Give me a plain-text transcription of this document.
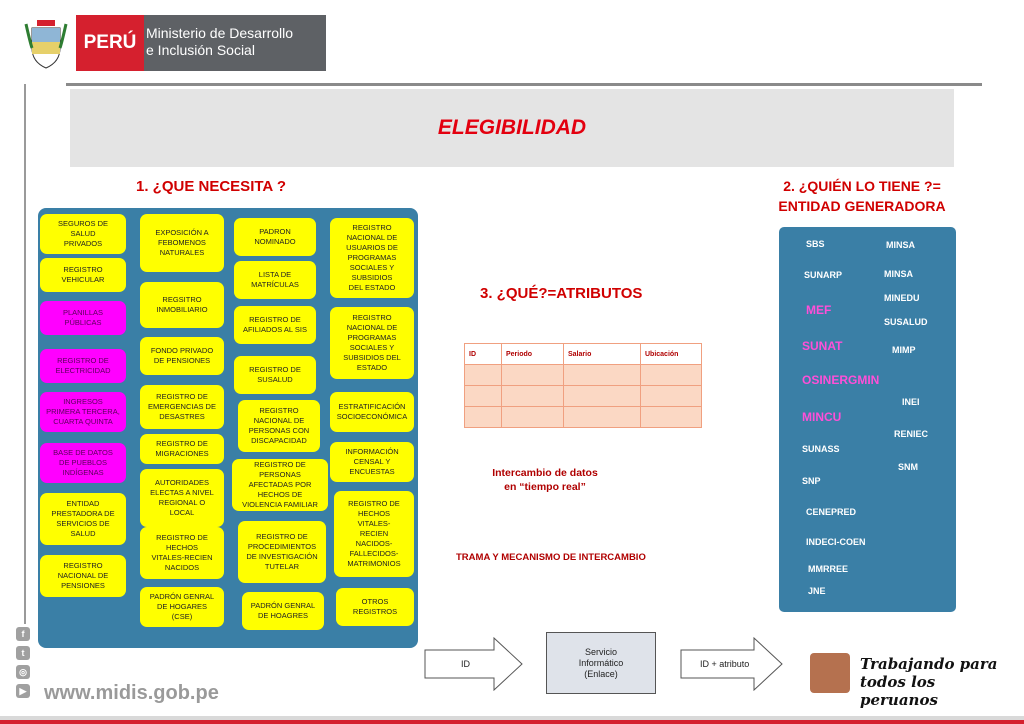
PERÚ Ministerio de Desarrollo
e Inclusión Social
ELEGIBILIDAD
1. ¿QUE NECESITA ?	2. ¿QUIÉN LO TIENE ?= ENTIDAD GENERADORA
3. ¿QUÉ?=ATRIBUTOS
SEGUROS DE
SALUD
PRIVADOS
REGISTRO
VEHICULAR
PLANILLAS
PÚBLICAS
REGISTRO DE
ELECTRICIDAD
INGRESOS
PRIMERA TERCERA,
CUARTA QUINTA
BASE DE DATOS
DE PUEBLOS
INDÍGENAS
ENTIDAD
PRESTADORA DE
SERVICIOS DE
SALUD
REGISTRO
NACIONAL DE
PENSIONES
EXPOSICIÓN A
FEBOMENOS
NATURALES
REGSITRO
INMOBILIARIO
FONDO PRIVADO
DE PENSIONES
REGISTRO DE
EMERGENCIAS DE
DESASTRES
REGISTRO DE
MIGRACIONES
AUTORIDADES
ELECTAS A NIVEL
REGIONAL O
LOCAL
REGISTRO DE
HECHOS
VITALES-RECIEN
NACIDOS
PADRÓN GENRAL
DE HOGARES
(CSE)
PADRON
NOMINADO
LISTA DE
MATRÍCULAS
REGISTRO DE
AFILIADOS AL SIS
REGISTRO DE
SUSALUD
REGISTRO
NACIONAL DE
PERSONAS CON
DISCAPACIDAD
REGISTRO DE
PERSONAS
AFECTADAS POR
HECHOS DE
VIOLENCIA FAMILIAR
REGISTRO DE
PROCEDIMIENTOS
DE INVESTIGACIÓN
TUTELAR
PADRÓN GENRAL
DE HOAGRES
REGISTRO
NACIONAL DE
USUARIOS DE
PROGRAMAS
SOCIALES Y
SUBSIDIOS
DEL ESTADO
REGISTRO
NACIONAL DE
PROGRAMAS
SOCIALES Y
SUBSIDIOS DEL
ESTADO
ESTRATIFICACIÓN
SOCIOECONÓMICA
INFORMACIÓN
CENSAL Y
ENCUESTAS
REGISTRO DE
HECHOS
VITALES-
RECIEN
NACIDOS-
FALLECIDOS-
MATRIMONIOS
OTROS
REGISTROS
SBS	MINSA
SUNARP	MINSA
MINEDU
MEF
SUSALUD
SUNAT	MIMP
OSINERGMIN
INEI
MINCU
RENIEC
SUNASS
SNM
SNP
CENEPRED
INDECI-COEN
MMRREE
JNE
ID	Periodo	Salario	Ubicación

Intercambio de datos
en “tiempo real”
TRAMA Y MECANISMO DE INTERCAMBIO
ID
Servicio
Informático
(Enlace)
ID + atributo
f
t
◎
▶ www.midis.gob.pe
Trabajando para
todos los peruanos
